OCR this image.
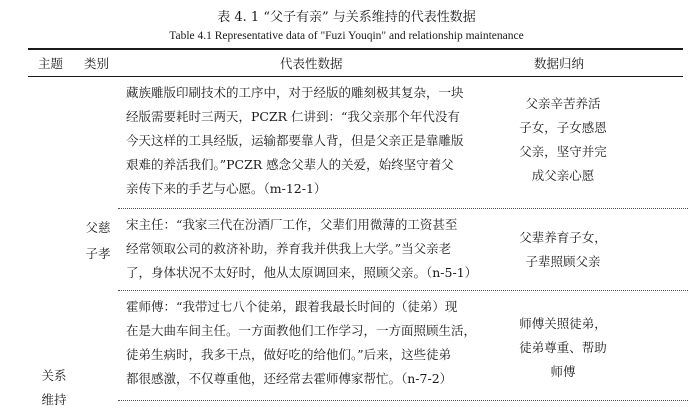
表 4. 1 “父子有亲” 与关系维持的代表性数据
Table 4.1 Representative data of "Fuzi Youqin" and relationship maintenance
主题 类别	代表性数据	数据归纳
关系
维持
父慈
子孝
藏族雕版印刷技术的工序中，对于经版的雕刻极其复杂，一块
经版需要耗时三两天，PCZR 仁讲到：“我父亲那个年代没有
今天这样的工具经版，运输都要靠人背，但是父亲正是靠雕版
艰难的养活我们。”PCZR 感念父辈人的关爱，始终坚守着父
亲传下来的手艺与心愿。（m-12-1）
父亲辛苦养活
子女，子女感恩
父亲，坚守并完
成父亲心愿
宋主任：“我家三代在汾酒厂工作，父辈们用微薄的工资甚至
经常领取公司的救济补助，养育我并供我上大学。”当父亲老
了，身体状况不太好时，他从太原调回来，照顾父亲。（n-5-1）
父辈养育子女，
子辈照顾父亲
霍师傅：“我带过七八个徒弟，跟着我最长时间的（徒弟）现
在是大曲车间主任。一方面教他们工作学习，一方面照顾生活，
徒弟生病时，我多干点，做好吃的给他们。”后来，这些徒弟
都很感激，不仅尊重他，还经常去霍师傅家帮忙。（n-7-2）
师傅关照徒弟，
徒弟尊重、帮助
师傅
